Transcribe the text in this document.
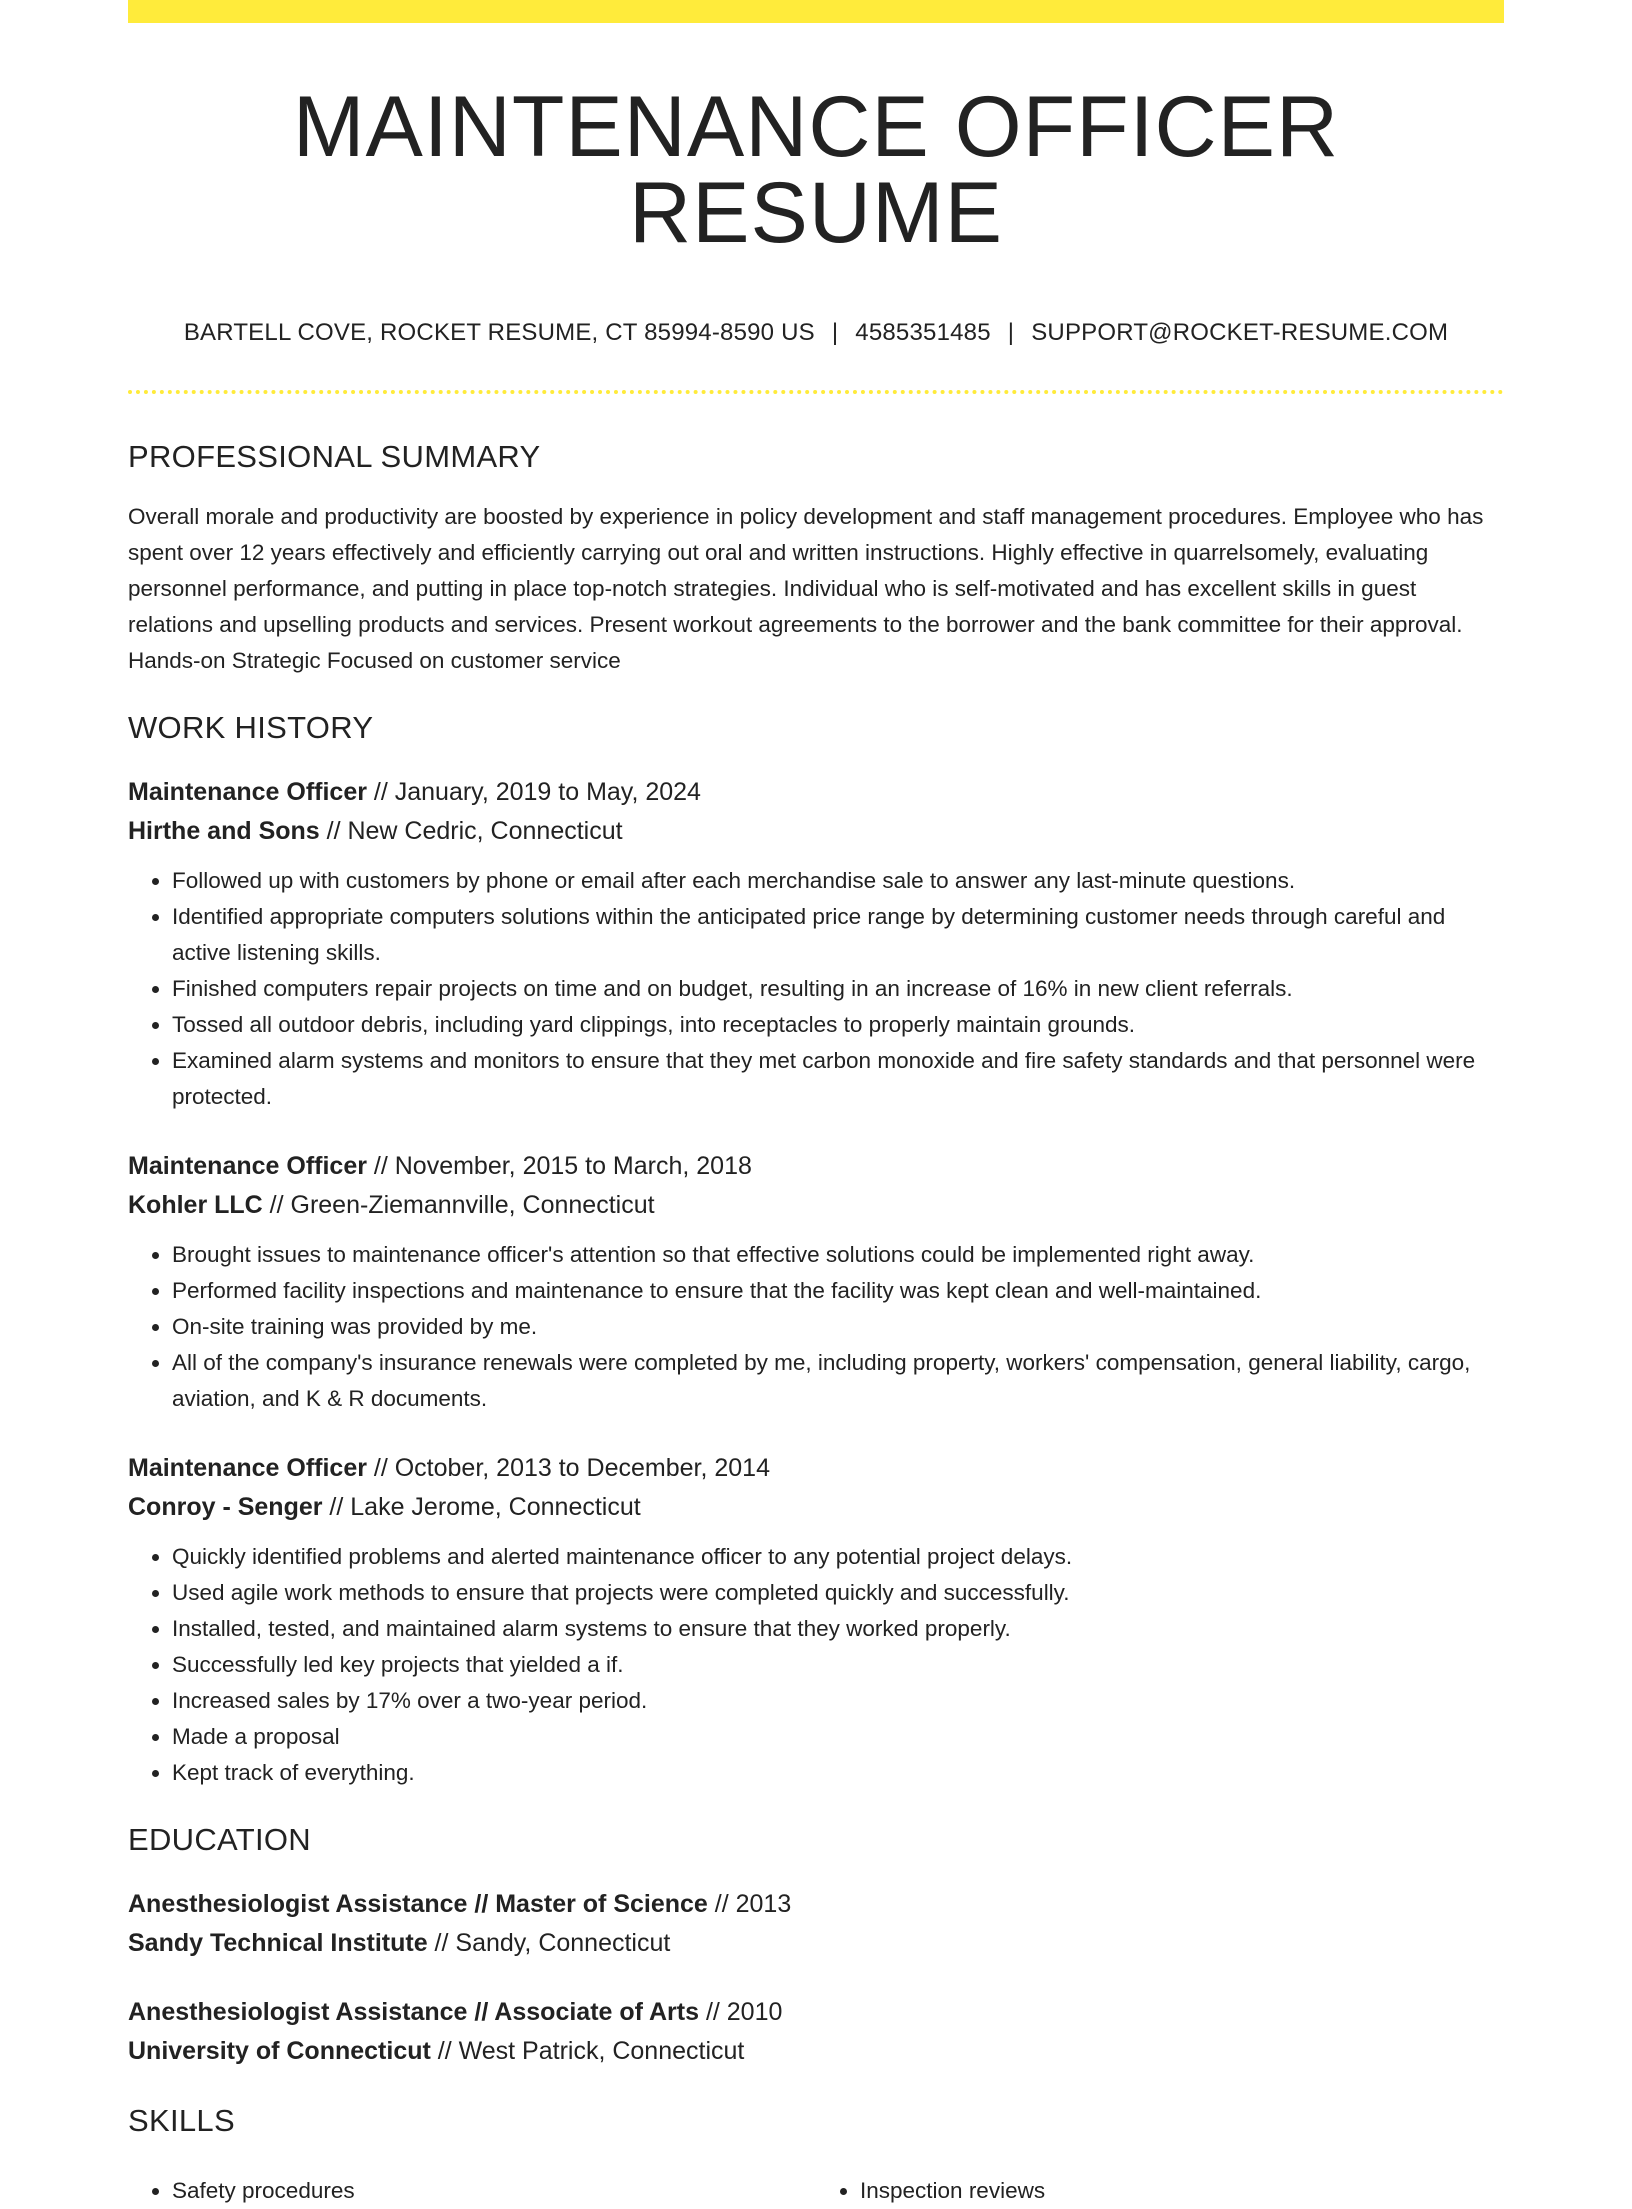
MAINTENANCE OFFICER RESUME
BARTELL COVE, ROCKET RESUME, CT 85994-8590 US | 4585351485 | SUPPORT@ROCKET-RESUME.COM
PROFESSIONAL SUMMARY
Overall morale and productivity are boosted by experience in policy development and staff management procedures. Employee who has spent over 12 years effectively and efficiently carrying out oral and written instructions. Highly effective in quarrelsomely, evaluating personnel performance, and putting in place top-notch strategies. Individual who is self-motivated and has excellent skills in guest relations and upselling products and services. Present workout agreements to the borrower and the bank committee for their approval. Hands-on Strategic Focused on customer service
WORK HISTORY
Maintenance Officer // January, 2019 to May, 2024
Hirthe and Sons // New Cedric, Connecticut
• Followed up with customers by phone or email after each merchandise sale to answer any last-minute questions.
• Identified appropriate computers solutions within the anticipated price range by determining customer needs through careful and active listening skills.
• Finished computers repair projects on time and on budget, resulting in an increase of 16% in new client referrals.
• Tossed all outdoor debris, including yard clippings, into receptacles to properly maintain grounds.
• Examined alarm systems and monitors to ensure that they met carbon monoxide and fire safety standards and that personnel were protected.
Maintenance Officer // November, 2015 to March, 2018
Kohler LLC // Green-Ziemannville, Connecticut
• Brought issues to maintenance officer's attention so that effective solutions could be implemented right away.
• Performed facility inspections and maintenance to ensure that the facility was kept clean and well-maintained.
• On-site training was provided by me.
• All of the company's insurance renewals were completed by me, including property, workers' compensation, general liability, cargo, aviation, and K & R documents.
Maintenance Officer // October, 2013 to December, 2014
Conroy - Senger // Lake Jerome, Connecticut
• Quickly identified problems and alerted maintenance officer to any potential project delays.
• Used agile work methods to ensure that projects were completed quickly and successfully.
• Installed, tested, and maintained alarm systems to ensure that they worked properly.
• Successfully led key projects that yielded a if.
• Increased sales by 17% over a two-year period.
• Made a proposal
• Kept track of everything.
EDUCATION
Anesthesiologist Assistance // Master of Science // 2013
Sandy Technical Institute // Sandy, Connecticut
Anesthesiologist Assistance // Associate of Arts // 2010
University of Connecticut // West Patrick, Connecticut
SKILLS
• Safety procedures
•	Inspection reviews
